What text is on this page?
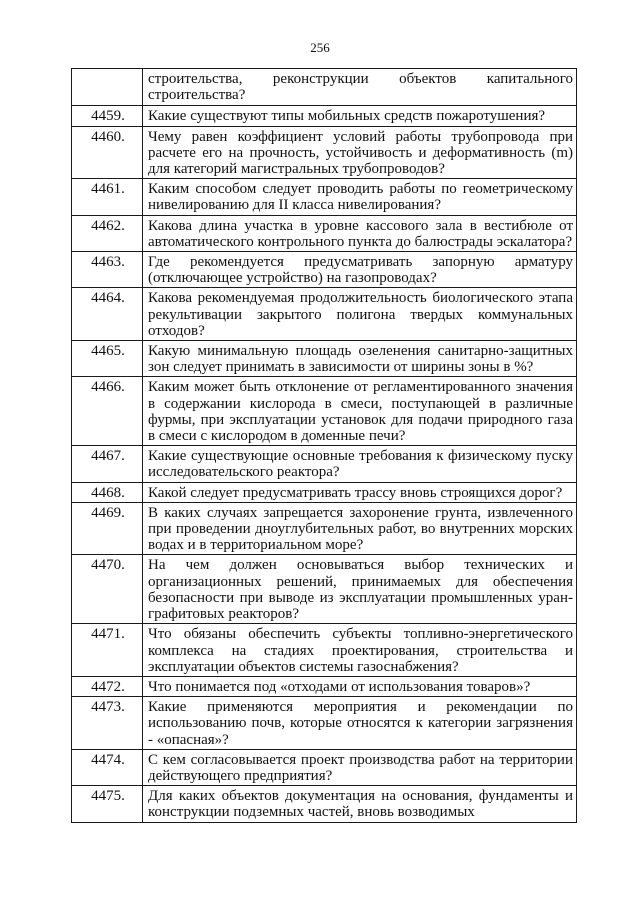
256
	строительства, реконструкции объектов капитального строительства?
4459.	Какие существуют типы мобильных средств пожаротушения?
4460.	Чему равен коэффициент условий работы трубопровода при расчете его на прочность, устойчивость и деформативность (m) для категорий магистральных трубопроводов?
4461.	Каким способом следует проводить работы по геометрическому нивелированию для II класса нивелирования?
4462.	Какова длина участка в уровне кассового зала в вестибюле от автоматического контрольного пункта до балюстрады эскалатора?
4463.	Где рекомендуется предусматривать запорную арматуру (отключающее устройство) на газопроводах?
4464.	Какова рекомендуемая продолжительность биологического этапа рекультивации закрытого полигона твердых коммунальных отходов?
4465.	Какую минимальную площадь озеленения санитарно-защитных зон следует принимать в зависимости от ширины зоны в %?
4466.	Каким может быть отклонение от регламентированного значения в содержании кислорода в смеси, поступающей в различные фурмы, при эксплуатации установок для подачи природного газа в смеси с кислородом в доменные печи?
4467.	Какие существующие основные требования к физическому пуску исследовательского реактора?
4468.	Какой следует предусматривать трассу вновь строящихся дорог?
4469.	В каких случаях запрещается захоронение грунта, извлеченного при проведении дноуглубительных работ, во внутренних морских водах и в территориальном море?
4470.	На чем должен основываться выбор технических и организационных решений, принимаемых для обеспечения безопасности при выводе из эксплуатации промышленных уран-графитовых реакторов?
4471.	Что обязаны обеспечить субъекты топливно-энергетического комплекса на стадиях проектирования, строительства и эксплуатации объектов системы газоснабжения?
4472.	Что понимается под «отходами от использования товаров»?
4473.	Какие применяются мероприятия и рекомендации по использованию почв, которые относятся к категории загрязнения - «опасная»?
4474.	С кем согласовывается проект производства работ на территории действующего предприятия?
4475.	Для каких объектов документация на основания, фундаменты и конструкции подземных частей, вновь возводимых
